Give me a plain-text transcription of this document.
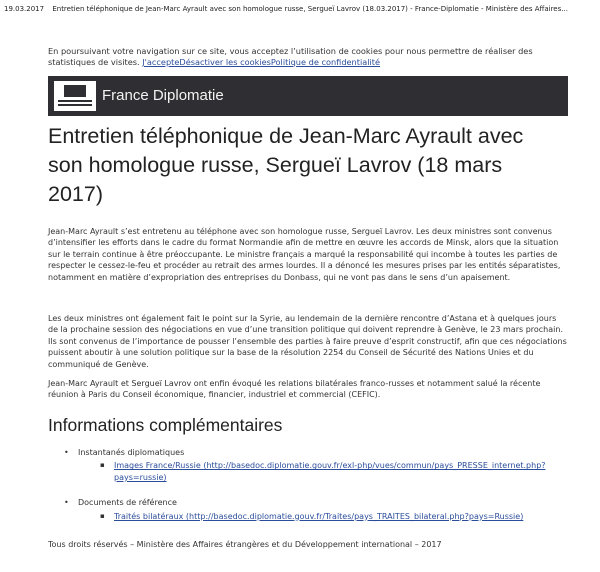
19.03.2017 Entretien téléphonique de Jean-Marc Ayrault avec son homologue russe, Sergueï Lavrov (18.03.2017) - France-Diplomatie - Ministère des Affaires...
En poursuivant votre navigation sur ce site, vous acceptez l’utilisation de cookies pour nous permettre de réaliser des statistiques de visites. J'accepteDésactiver les cookiesPolitique de confidentialité
France Diplomatie
Entretien téléphonique de Jean-Marc Ayrault avec son homologue russe, Sergueï Lavrov (18 mars 2017)
Jean-Marc Ayrault s’est entretenu au téléphone avec son homologue russe, Sergueï Lavrov. Les deux ministres sont convenus d’intensifier les efforts dans le cadre du format Normandie afin de mettre en œuvre les accords de Minsk, alors que la situation sur le terrain continue à être préoccupante. Le ministre français a marqué la responsabilité qui incombe à toutes les parties de respecter le cessez-le-feu et procéder au retrait des armes lourdes. Il a dénoncé les mesures prises par les entités séparatistes, notamment en matière d’expropriation des entreprises du Donbass, qui ne vont pas dans le sens d’un apaisement.
Les deux ministres ont également fait le point sur la Syrie, au lendemain de la dernière rencontre d’Astana et à quelques jours de la prochaine session des négociations en vue d’une transition politique qui doivent reprendre à Genève, le 23 mars prochain. Ils sont convenus de l’importance de pousser l’ensemble des parties à faire preuve d’esprit constructif, afin que ces négociations puissent aboutir à une solution politique sur la base de la résolution 2254 du Conseil de Sécurité des Nations Unies et du communiqué de Genève.
Jean-Marc Ayrault et Sergueï Lavrov ont enfin évoqué les relations bilatérales franco-russes et notamment salué la récente réunion à Paris du Conseil économique, financier, industriel et commercial (CEFIC).
Informations complémentaires
• Instantanés diplomatiques
▪ Images France/Russie (http://basedoc.diplomatie.gouv.fr/exl-php/vues/commun/pays_PRESSE_internet.php?pays=russie)
• Documents de référence
▪ Traités bilatéraux (http://basedoc.diplomatie.gouv.fr/Traites/pays_TRAITES_bilateral.php?pays=Russie)
Tous droits réservés – Ministère des Affaires étrangères et du Développement international – 2017
